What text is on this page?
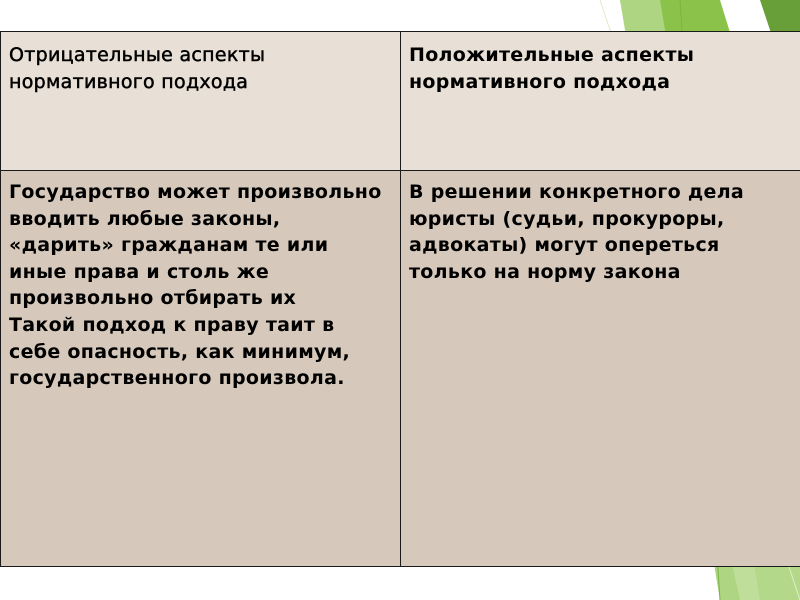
Отрицательные аспекты нормативного подхода	Положительные аспекты нормативного подхода
Государство может произвольно вводить любые законы, «дарить» гражданам те или иные права и столь же произвольно отбирать их
Такой подход к праву таит в себе опасность, как минимум, государственного произвола.	В решении конкретного дела юристы (судьи, прокуроры, адвокаты) могут опереться только на норму закона
